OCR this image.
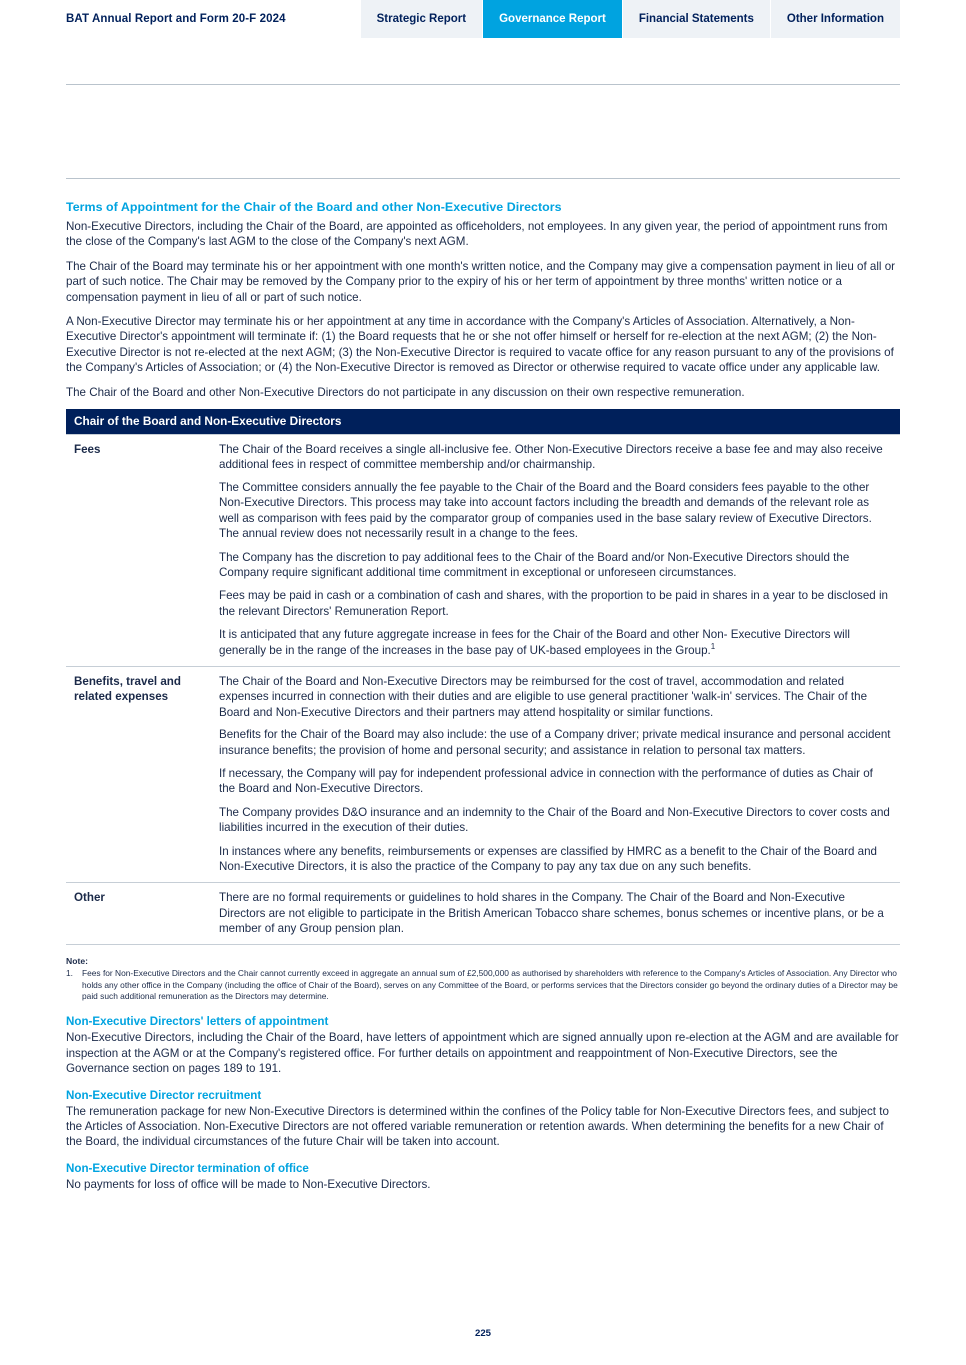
BAT Annual Report and Form 20-F 2024	Strategic Report	Governance Report	Financial Statements	Other Information
Terms of Appointment for the Chair of the Board and other Non-Executive Directors

Non-Executive Directors, including the Chair of the Board, are appointed as officeholders, not employees. In any given year, the period of appointment runs from the close of the Company's last AGM to the close of the Company's next AGM.

The Chair of the Board may terminate his or her appointment with one month's written notice, and the Company may give a compensation payment in lieu of all or part of such notice. The Chair may be removed by the Company prior to the expiry of his or her term of appointment by three months' written notice or a compensation payment in lieu of all or part of such notice.

A Non-Executive Director may terminate his or her appointment at any time in accordance with the Company's Articles of Association. Alternatively, a Non-Executive Director's appointment will terminate if: (1) the Board requests that he or she not offer himself or herself for re-election at the next AGM; (2) the Non-Executive Director is not re-elected at the next AGM; (3) the Non-Executive Director is required to vacate office for any reason pursuant to any of the provisions of the Company's Articles of Association; or (4) the Non-Executive Director is removed as Director or otherwise required to vacate office under any applicable law.

The Chair of the Board and other Non-Executive Directors do not participate in any discussion on their own respective remuneration.

Chair of the Board and Non-Executive Directors	
Fees	The Chair of the Board receives a single all-inclusive fee. Other Non-Executive Directors receive a base fee and may also receive additional fees in respect of committee membership and/or chairmanship.
	The Committee considers annually the fee payable to the Chair of the Board and the Board considers fees payable to the other Non-Executive Directors. This process may take into account factors including the breadth and demands of the relevant role as well as comparison with fees paid by the comparator group of companies used in the base salary review of Executive Directors. The annual review does not necessarily result in a change to the fees.
	The Company has the discretion to pay additional fees to the Chair of the Board and/or Non-Executive Directors should the Company require significant additional time commitment in exceptional or unforeseen circumstances.
	Fees may be paid in cash or a combination of cash and shares, with the proportion to be paid in shares in a year to be disclosed in the relevant Directors' Remuneration Report.
	It is anticipated that any future aggregate increase in fees for the Chair of the Board and other Non- Executive Directors will generally be in the range of the increases in the base pay of UK-based employees in the Group.$^1$
Benefits, travel and related expenses	The Chair of the Board and Non-Executive Directors may be reimbursed for the cost of travel, accommodation and related expenses incurred in connection with their duties and are eligible to use general practitioner 'walk-in' services. The Chair of the Board and Non-Executive Directors and their partners may attend hospitality or similar functions.
	Benefits for the Chair of the Board may also include: the use of a Company driver; private medical insurance and personal accident insurance benefits; the provision of home and personal security; and assistance in relation to personal tax matters.
	If necessary, the Company will pay for independent professional advice in connection with the performance of duties as Chair of the Board and Non-Executive Directors.
	The Company provides D&O insurance and an indemnity to the Chair of the Board and Non-Executive Directors to cover costs and liabilities incurred in the execution of their duties.
	In instances where any benefits, reimbursements or expenses are classified by HMRC as a benefit to the Chair of the Board and Non-Executive Directors, it is also the practice of the Company to pay any tax due on any such benefits.
Other	There are no formal requirements or guidelines to hold shares in the Company. The Chair of the Board and Non-Executive Directors are not eligible to participate in the British American Tobacco share schemes, bonus schemes or incentive plans, or be a member of any Group pension plan.
Note:
1.	Fees for Non-Executive Directors and the Chair cannot currently exceed in aggregate an annual sum of £2,500,000 as authorised by shareholders with reference to the Company's Articles of Association. Any Director who holds any other office in the Company (including the office of Chair of the Board), serves on any Committee of the Board, or performs services that the Directors consider go beyond the ordinary duties of a Director may be paid such additional remuneration as the Directors may determine.
Non-Executive Directors' letters of appointment

Non-Executive Directors, including the Chair of the Board, have letters of appointment which are signed annually upon re-election at the AGM and are available for inspection at the AGM or at the Company's registered office. For further details on appointment and reappointment of Non-Executive Directors, see the Governance section on pages 189 to 191.

Non-Executive Director recruitment

The remuneration package for new Non-Executive Directors is determined within the confines of the Policy table for Non-Executive Directors fees, and subject to the Articles of Association. Non-Executive Directors are not offered variable remuneration or retention awards. When determining the benefits for a new Chair of the Board, the individual circumstances of the future Chair will be taken into account.

Non-Executive Director termination of office

No payments for loss of office will be made to Non-Executive Directors.

225
